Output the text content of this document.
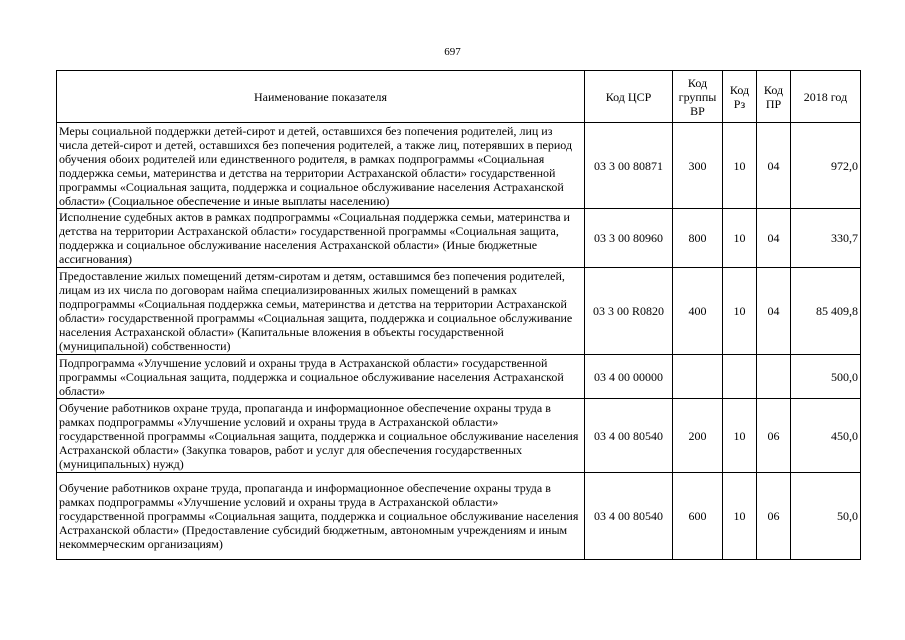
697
Наименование показателя	Код ЦСР	Код группы ВР	Код Рз	Код ПР	2018 год
Меры социальной поддержки детей-сирот и детей, оставшихся без попечения родителей, лиц из числа детей-сирот и детей, оставшихся без попечения родителей, а также лиц, потерявших в период обучения обоих родителей или единственного родителя, в рамках подпрограммы «Социальная поддержка семьи, материнства и детства на территории Астраханской области» государственной программы «Социальная защита, поддержка и социальное обслуживание населения Астраханской области» (Социальное обеспечение и иные выплаты населению)	03 3 00 80871	300	10	04	972,0
Исполнение судебных актов в рамках подпрограммы «Социальная поддержка семьи, материнства и детства на территории Астраханской области» государственной программы «Социальная защита, поддержка и социальное обслуживание населения Астраханской области» (Иные бюджетные ассигнования)	03 3 00 80960	800	10	04	330,7
Предоставление жилых помещений детям-сиротам и детям, оставшимся без попечения родителей, лицам из их числа по договорам найма специализированных жилых помещений в рамках подпрограммы «Социальная поддержка семьи, материнства и детства на территории Астраханской области» государственной программы «Социальная защита, поддержка и социальное обслуживание населения Астраханской области» (Капитальные вложения в объекты государственной (муниципальной) собственности)	03 3 00 R0820	400	10	04	85 409,8
Подпрограмма «Улучшение условий и охраны труда в Астраханской области» государственной программы «Социальная защита, поддержка и социальное обслуживание населения Астраханской области»	03 4 00 00000				500,0
Обучение работников охране труда, пропаганда и информационное обеспечение охраны труда в рамках подпрограммы «Улучшение условий и охраны труда в Астраханской области» государственной программы «Социальная защита, поддержка и социальное обслуживание населения Астраханской области» (Закупка товаров, работ и услуг для обеспечения государственных (муниципальных) нужд)	03 4 00 80540	200	10	06	450,0
Обучение работников охране труда, пропаганда и информационное обеспечение охраны труда в рамках подпрограммы «Улучшение условий и охраны труда в Астраханской области» государственной программы «Социальная защита, поддержка и социальное обслуживание населения Астраханской области» (Предоставление субсидий бюджетным, автономным учреждениям и иным некоммерческим организациям)	03 4 00 80540	600	10	06	50,0
